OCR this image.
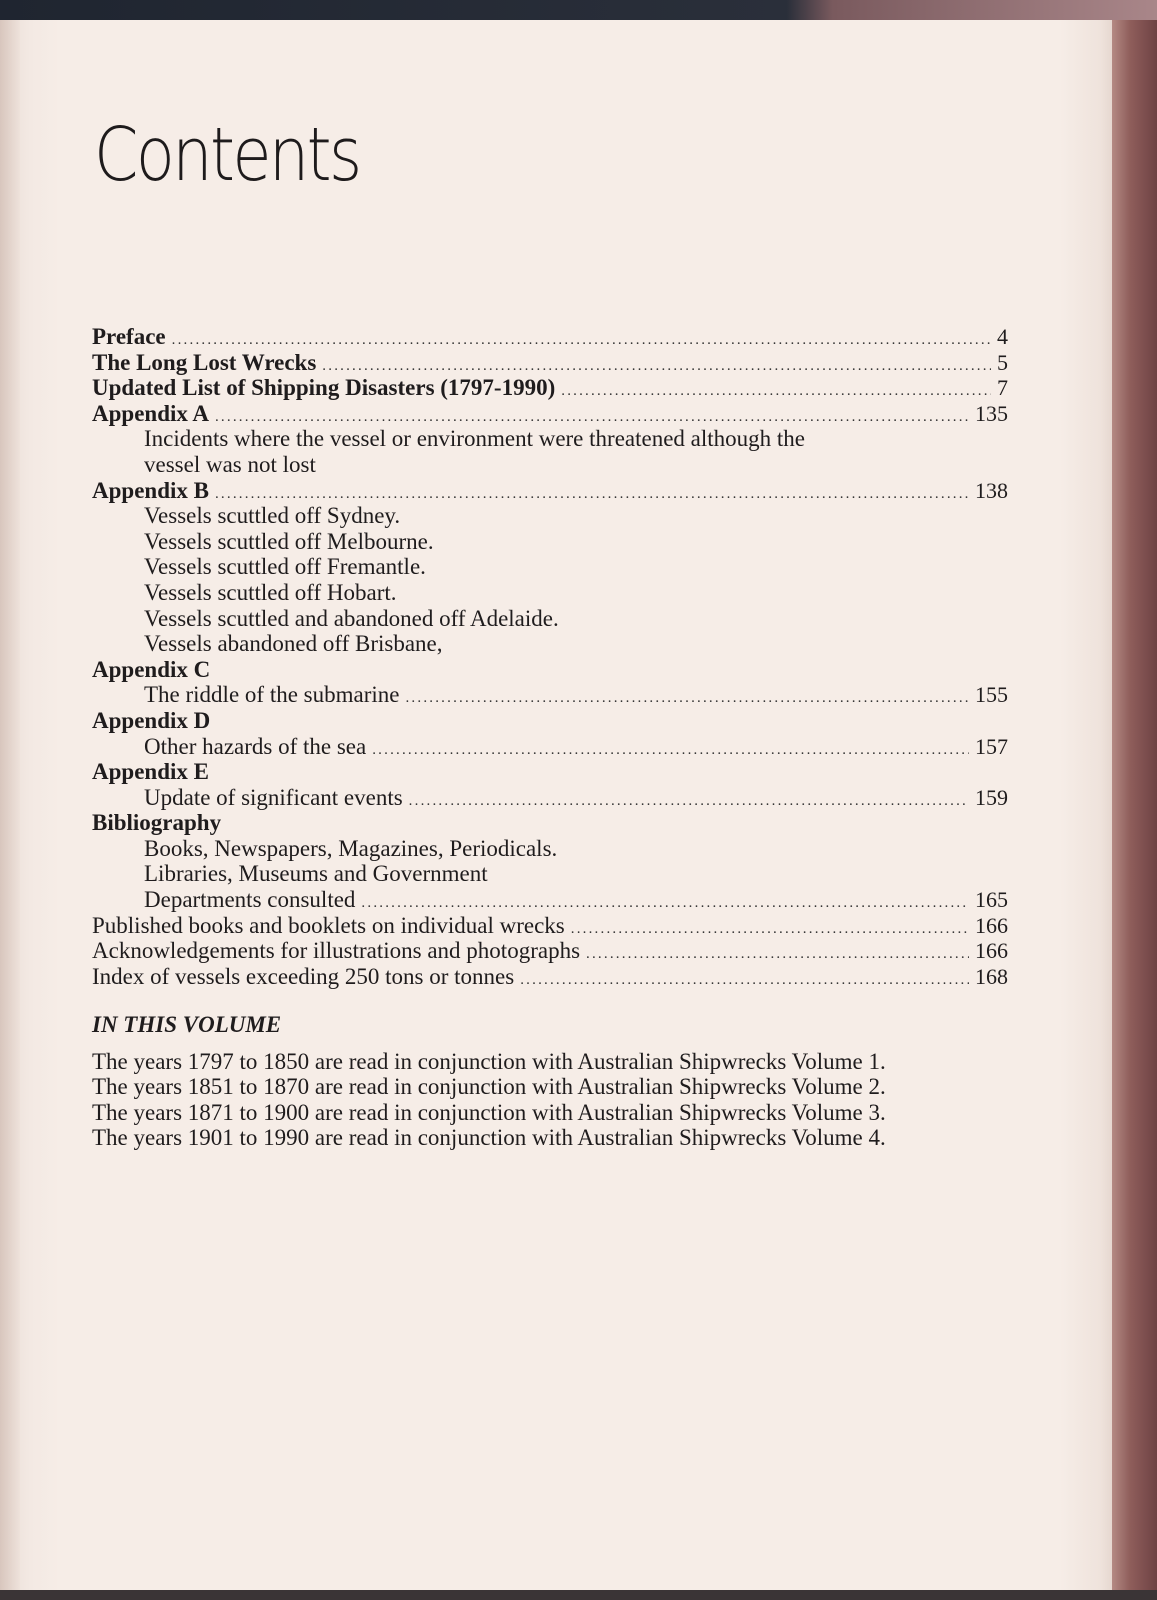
Contents
Preface .....	4
The Long Lost Wrecks .....	5
Updated List of Shipping Disasters (1797-1990) .....	7
Appendix A .....	135
Incidents where the vessel or environment were threatened although the
vessel was not lost
Appendix B .....	138
Vessels scuttled off Sydney.
Vessels scuttled off Melbourne.
Vessels scuttled off Fremantle.
Vessels scuttled off Hobart.
Vessels scuttled and abandoned off Adelaide.
Vessels abandoned off Brisbane,
Appendix C
The riddle of the submarine .....	155
Appendix D
Other hazards of the sea .....	157
Appendix E
Update of significant events .....	159
Bibliography
Books, Newspapers, Magazines, Periodicals.
Libraries, Museums and Government
Departments consulted .....	165
Published books and booklets on individual wrecks .....	166
Acknowledgements for illustrations and photographs .....	166
Index of vessels exceeding 250 tons or tonnes .....	168
IN THIS VOLUME
The years 1797 to 1850 are read in conjunction with Australian Shipwrecks Volume 1.
The years 1851 to 1870 are read in conjunction with Australian Shipwrecks Volume 2.
The years 1871 to 1900 are read in conjunction with Australian Shipwrecks Volume 3.
The years 1901 to 1990 are read in conjunction with Australian Shipwrecks Volume 4.
